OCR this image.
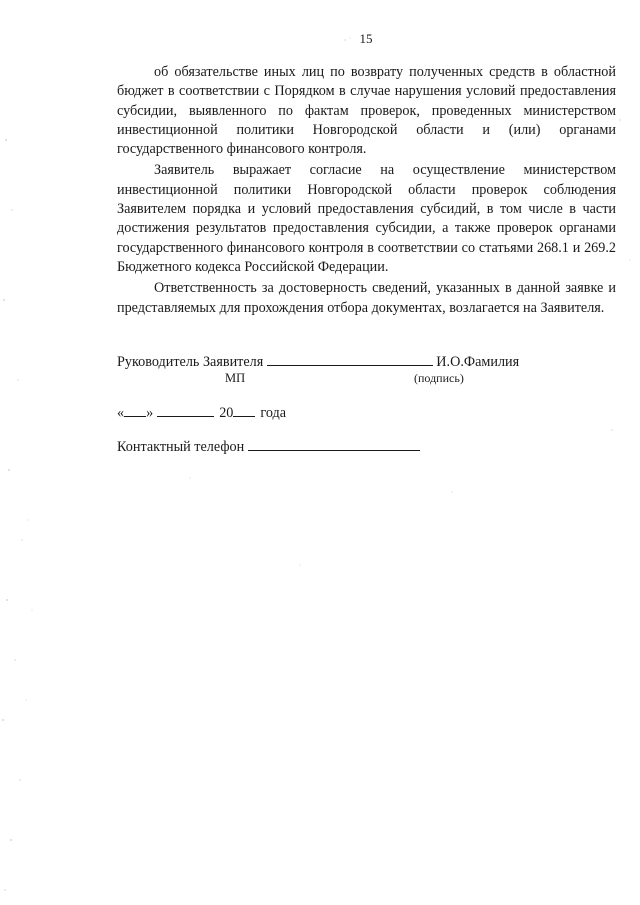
15

об обязательстве иных лиц по возврату полученных средств в областной бюджет в соответствии с Порядком в случае нарушения условий предоставления субсидии, выявленного по фактам проверок, проведенных министерством инвестиционной политики Новгородской области и (или) органами государственного финансового контроля.

Заявитель выражает согласие на осуществление министерством инвестиционной политики Новгородской области проверок соблюдения Заявителем порядка и условий предоставления субсидий, в том числе в части достижения результатов предоставления субсидии, а также проверок органами государственного финансового контроля в соответствии со статьями 268.1 и 269.2 Бюджетного кодекса Российской Федерации.

Ответственность за достоверность сведений, указанных в данной заявке и представляемых для прохождения отбора документах, возлагается на Заявителя.

Руководитель Заявителя	И.О.Фамилия
МП	(подпись)
« »	20 года
Контактный телефон
